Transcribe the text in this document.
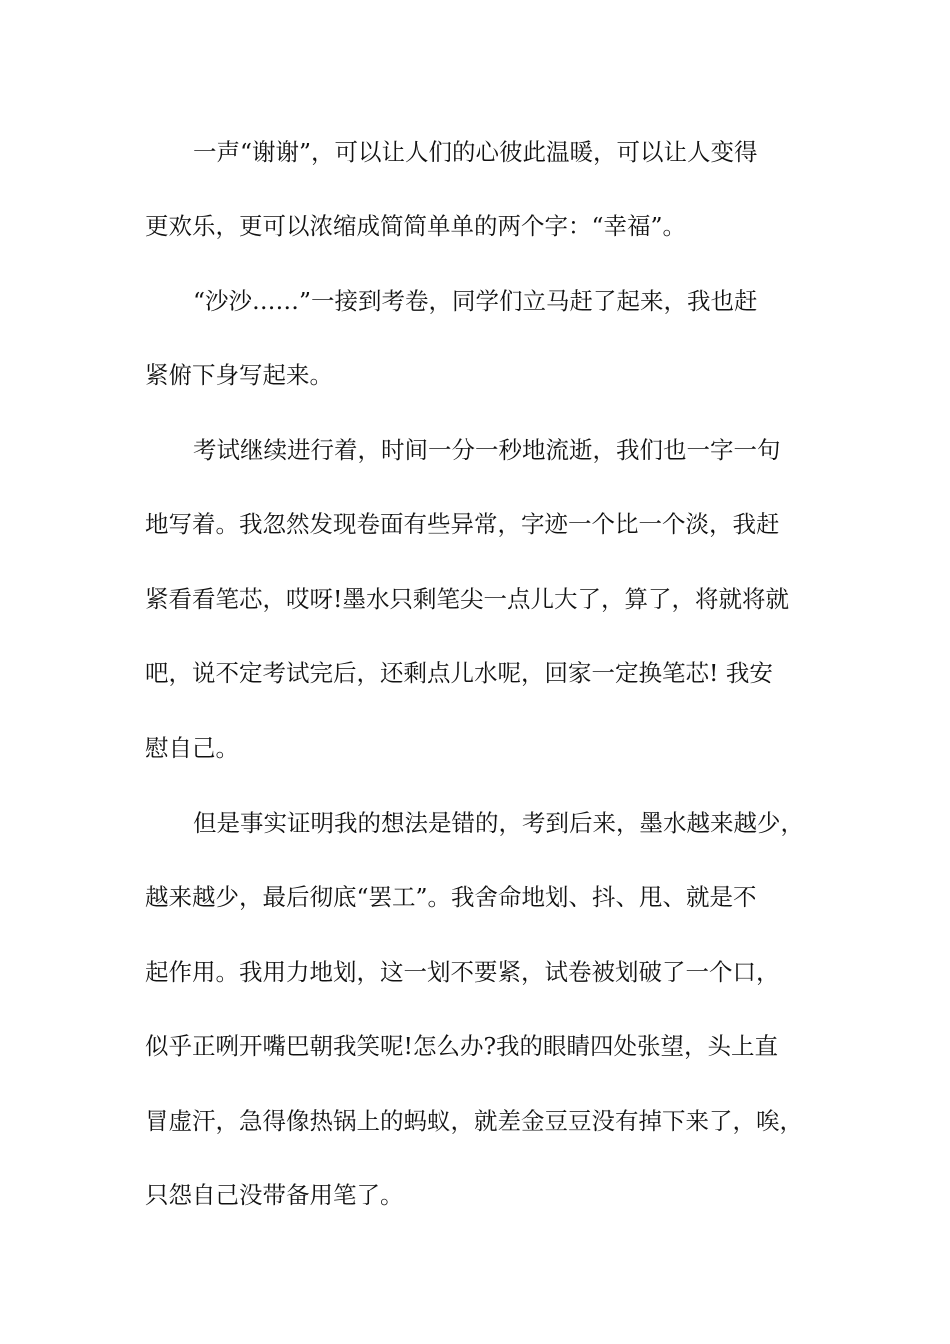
一声“谢谢”，可以让人们的心彼此温暖，可以让人变得

更欢乐，更可以浓缩成简简单单的两个字：“幸福”。

“沙沙……”一接到考卷，同学们立马赶了起来，我也赶

紧俯下身写起来。

考试继续进行着，时间一分一秒地流逝，我们也一字一句

地写着。我忽然发现卷面有些异常，字迹一个比一个淡，我赶

紧看看笔芯，哎呀!墨水只剩笔尖一点儿大了，算了，将就将就

吧，说不定考试完后，还剩点儿水呢，回家一定换笔芯! 我安

慰自己。

但是事实证明我的想法是错的，考到后来，墨水越来越少，

越来越少，最后彻底“罢工”。我舍命地划、抖、甩、就是不

起作用。我用力地划，这一划不要紧，试卷被划破了一个口，

似乎正咧开嘴巴朝我笑呢!怎么办?我的眼睛四处张望，头上直

冒虚汗，急得像热锅上的蚂蚁，就差金豆豆没有掉下来了，唉，

只怨自己没带备用笔了。
